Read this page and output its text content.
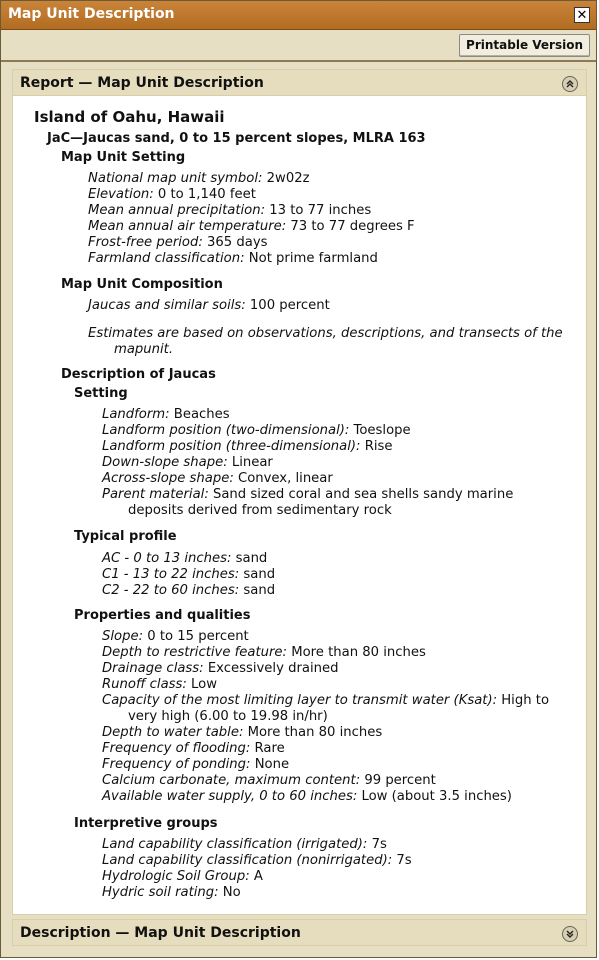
Map Unit Description	✕
Printable Version
Report — Map Unit Description
Island of Oahu, Hawaii
JaC—Jaucas sand, 0 to 15 percent slopes, MLRA 163
Map Unit Setting
National map unit symbol: 2w02z
Elevation: 0 to 1,140 feet
Mean annual precipitation: 13 to 77 inches
Mean annual air temperature: 73 to 77 degrees F
Frost-free period: 365 days
Farmland classification: Not prime farmland
Map Unit Composition
Jaucas and similar soils: 100 percent
Estimates are based on observations, descriptions, and transects of the
mapunit.
Description of Jaucas
Setting
Landform: Beaches
Landform position (two-dimensional): Toeslope
Landform position (three-dimensional): Rise
Down-slope shape: Linear
Across-slope shape: Convex, linear
Parent material: Sand sized coral and sea shells sandy marine
deposits derived from sedimentary rock
Typical profile
AC - 0 to 13 inches: sand
C1 - 13 to 22 inches: sand
C2 - 22 to 60 inches: sand
Properties and qualities
Slope: 0 to 15 percent
Depth to restrictive feature: More than 80 inches
Drainage class: Excessively drained
Runoff class: Low
Capacity of the most limiting layer to transmit water (Ksat): High to
very high (6.00 to 19.98 in/hr)
Depth to water table: More than 80 inches
Frequency of flooding: Rare
Frequency of ponding: None
Calcium carbonate, maximum content: 99 percent
Available water supply, 0 to 60 inches: Low (about 3.5 inches)
Interpretive groups
Land capability classification (irrigated): 7s
Land capability classification (nonirrigated): 7s
Hydrologic Soil Group: A
Hydric soil rating: No
Description — Map Unit Description
